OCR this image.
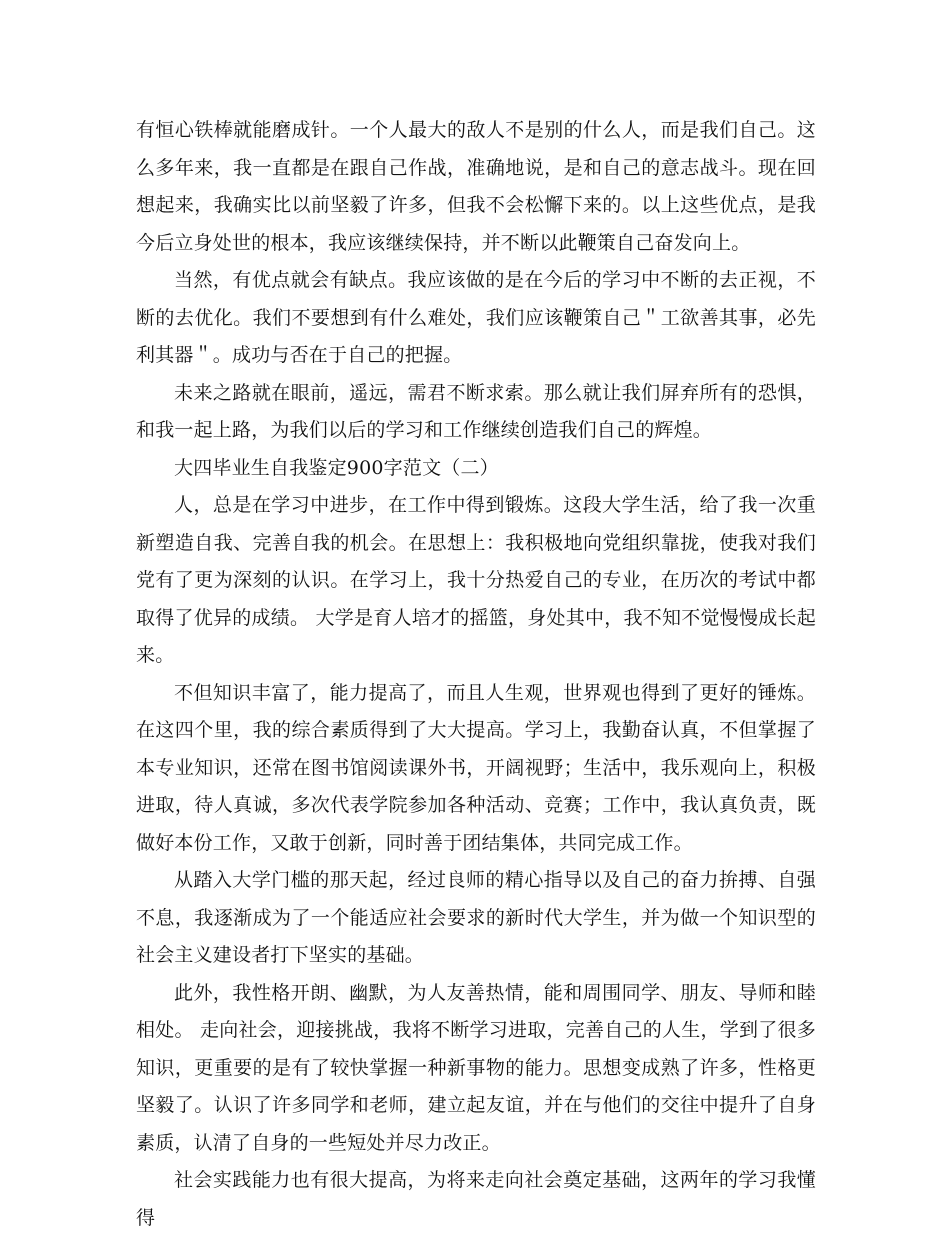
有恒心铁棒就能磨成针。一个人最大的敌人不是别的什么人，而是我们自己。这么多年来，我一直都是在跟自己作战，准确地说，是和自己的意志战斗。现在回想起来，我确实比以前坚毅了许多，但我不会松懈下来的。以上这些优点，是我今后立身处世的根本，我应该继续保持，并不断以此鞭策自己奋发向上。

当然，有优点就会有缺点。我应该做的是在今后的学习中不断的去正视，不断的去优化。我们不要想到有什么难处，我们应该鞭策自己＂工欲善其事，必先利其器＂。成功与否在于自己的把握。

未来之路就在眼前，遥远，需君不断求索。那么就让我们屏弃所有的恐惧，和我一起上路，为我们以后的学习和工作继续创造我们自己的辉煌。

大四毕业生自我鉴定900字范文（二）

人，总是在学习中进步，在工作中得到锻炼。这段大学生活，给了我一次重新塑造自我、完善自我的机会。在思想上：我积极地向党组织靠拢，使我对我们党有了更为深刻的认识。在学习上，我十分热爱自己的专业，在历次的考试中都取得了优异的成绩。 大学是育人培才的摇篮，身处其中，我不知不觉慢慢成长起来。

不但知识丰富了，能力提高了，而且人生观，世界观也得到了更好的锤炼。在这四个里，我的综合素质得到了大大提高。学习上，我勤奋认真，不但掌握了本专业知识，还常在图书馆阅读课外书，开阔视野；生活中，我乐观向上，积极进取，待人真诚，多次代表学院参加各种活动、竞赛；工作中，我认真负责，既做好本份工作，又敢于创新，同时善于团结集体，共同完成工作。

从踏入大学门槛的那天起，经过良师的精心指导以及自己的奋力拚搏、自强不息，我逐渐成为了一个能适应社会要求的新时代大学生，并为做一个知识型的社会主义建设者打下坚实的基础。

此外，我性格开朗、幽默，为人友善热情，能和周围同学、朋友、导师和睦相处。 走向社会，迎接挑战，我将不断学习进取，完善自己的人生，学到了很多知识，更重要的是有了较快掌握一种新事物的能力。思想变成熟了许多，性格更坚毅了。认识了许多同学和老师，建立起友谊，并在与他们的交往中提升了自身素质，认清了自身的一些短处并尽力改正。

社会实践能力也有很大提高，为将来走向社会奠定基础，这两年的学习我懂得
